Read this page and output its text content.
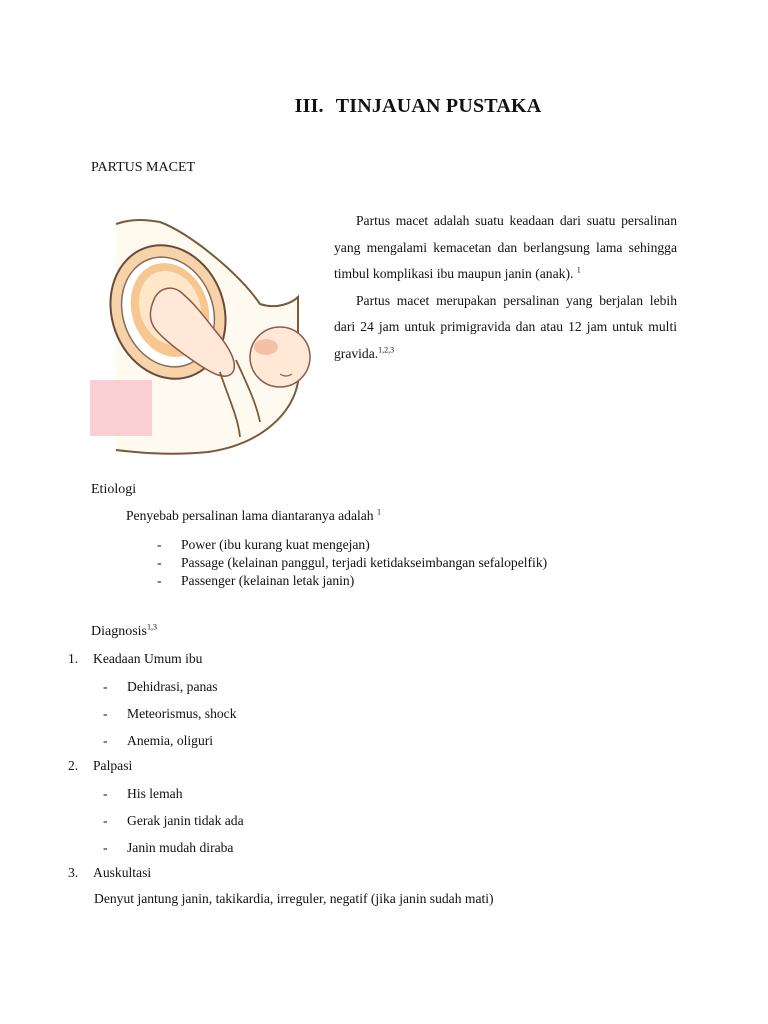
III. TINJAUAN PUSTAKA
PARTUS MACET

Partus macet adalah suatu keadaan dari suatu persalinan yang mengalami kemacetan dan berlangsung lama sehingga timbul komplikasi ibu maupun janin (anak). $^1$

Partus macet merupakan persalinan yang berjalan lebih dari 24 jam untuk primigravida dan atau 12 jam untuk multi gravida.$^{1,2,3}$

Etiologi
Penyebab persalinan lama diantaranya adalah $^1$
- Power (ibu kurang kuat mengejan)
- Passage (kelainan panggul, terjadi ketidakseimbangan sefalopelfik)
- Passenger (kelainan letak janin)
Diagnosis$^{1,3}$
1. Keadaan Umum ibu
- Dehidrasi, panas
- Meteorismus, shock
- Anemia, oliguri
2. Palpasi
- His lemah
- Gerak janin tidak ada
- Janin mudah diraba
3. Auskultasi
Denyut jantung janin, takikardia, irreguler, negatif (jika janin sudah mati)
